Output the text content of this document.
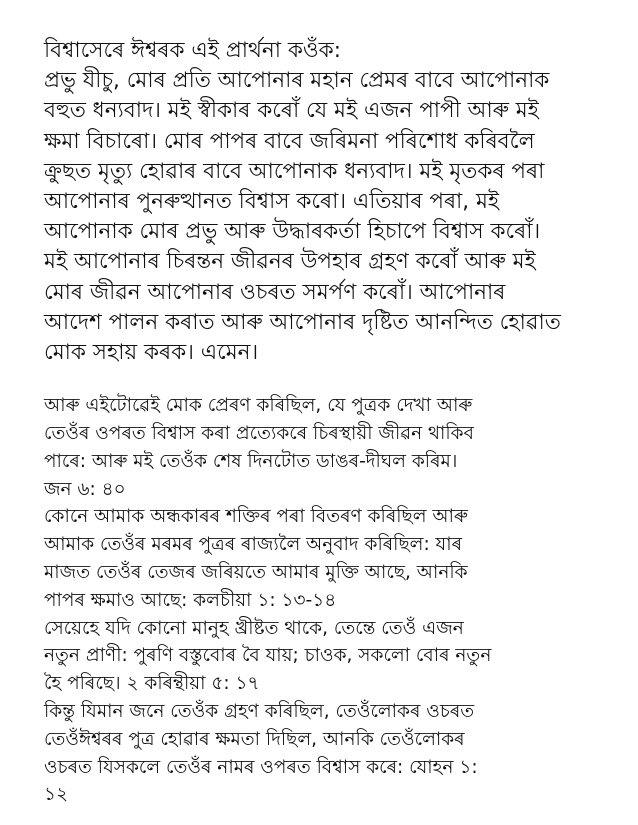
বিশ্বাসেৰে ঈশ্বৰক এই প্ৰাৰ্থনা কওঁক:
প্ৰভু যীচু, মোৰ প্ৰতি আপোনাৰ মহান প্ৰেমৰ বাবে আপোনাক
বহুত ধন্যবাদ। মই স্বীকাৰ কৰোঁ যে মই এজন পাপী আৰু মই
ক্ষমা বিচাৰো। মোৰ পাপৰ বাবে জৰিমনা পৰিশোধ কৰিবলৈ
ক্ৰুছত মৃত্যু হোৱাৰ বাবে আপোনাক ধন্যবাদ। মই মৃতকৰ পৰা
আপোনাৰ পুনৰুত্থানত বিশ্বাস কৰো। এতিয়াৰ পৰা, মই
আপোনাক মোৰ প্ৰভু আৰু উদ্ধাৰকৰ্তা হিচাপে বিশ্বাস কৰোঁ।
মই আপোনাৰ চিৰন্তন জীৱনৰ উপহাৰ গ্ৰহণ কৰোঁ আৰু মই
মোৰ জীৱন আপোনাৰ ওচৰত সমৰ্পণ কৰোঁ। আপোনাৰ
আদেশ পালন কৰাত আৰু আপোনাৰ দৃষ্টিত আনন্দিত হোৱাত
মোক সহায় কৰক। এমেন।
আৰু এইটোৱেই মোক প্ৰেৰণ কৰিছিল, যে পুত্ৰক দেখা আৰু
তেওঁৰ ওপৰত বিশ্বাস কৰা প্ৰত্যেকৰে চিৰস্থায়ী জীৱন থাকিব
পাৰে: আৰু মই তেওঁক শেষ দিনটোত ডাঙৰ-দীঘল কৰিম।
জন ৬: ৪০
কোনে আমাক অন্ধকাৰৰ শক্তিৰ পৰা বিতৰণ কৰিছিল আৰু
আমাক তেওঁৰ মৰমৰ পুত্ৰৰ ৰাজ্যলৈ অনুবাদ কৰিছিল: যাৰ
মাজত তেওঁৰ তেজৰ জৰিয়তে আমাৰ মুক্তি আছে, আনকি
পাপৰ ক্ষমাও আছে: কলচীয়া ১: ১৩-১৪
সেয়েহে যদি কোনো মানুহ খ্ৰীষ্টত থাকে, তেন্তে তেওঁ এজন
নতুন প্ৰাণী: পুৰণি বস্তুবোৰ বৈ যায়; চাওক, সকলো বোৰ নতুন
হৈ পৰিছে। ২ কৰিন্থীয়া ৫: ১৭
কিন্তু যিমান জনে তেওঁক গ্ৰহণ কৰিছিল, তেওঁলোকৰ ওচৰত
তেওঁঈশ্বৰৰ পুত্ৰ হোৱাৰ ক্ষমতা দিছিল, আনকি তেওঁলোকৰ
ওচৰত যিসকলে তেওঁৰ নামৰ ওপৰত বিশ্বাস কৰে: যোহন ১:
১২
